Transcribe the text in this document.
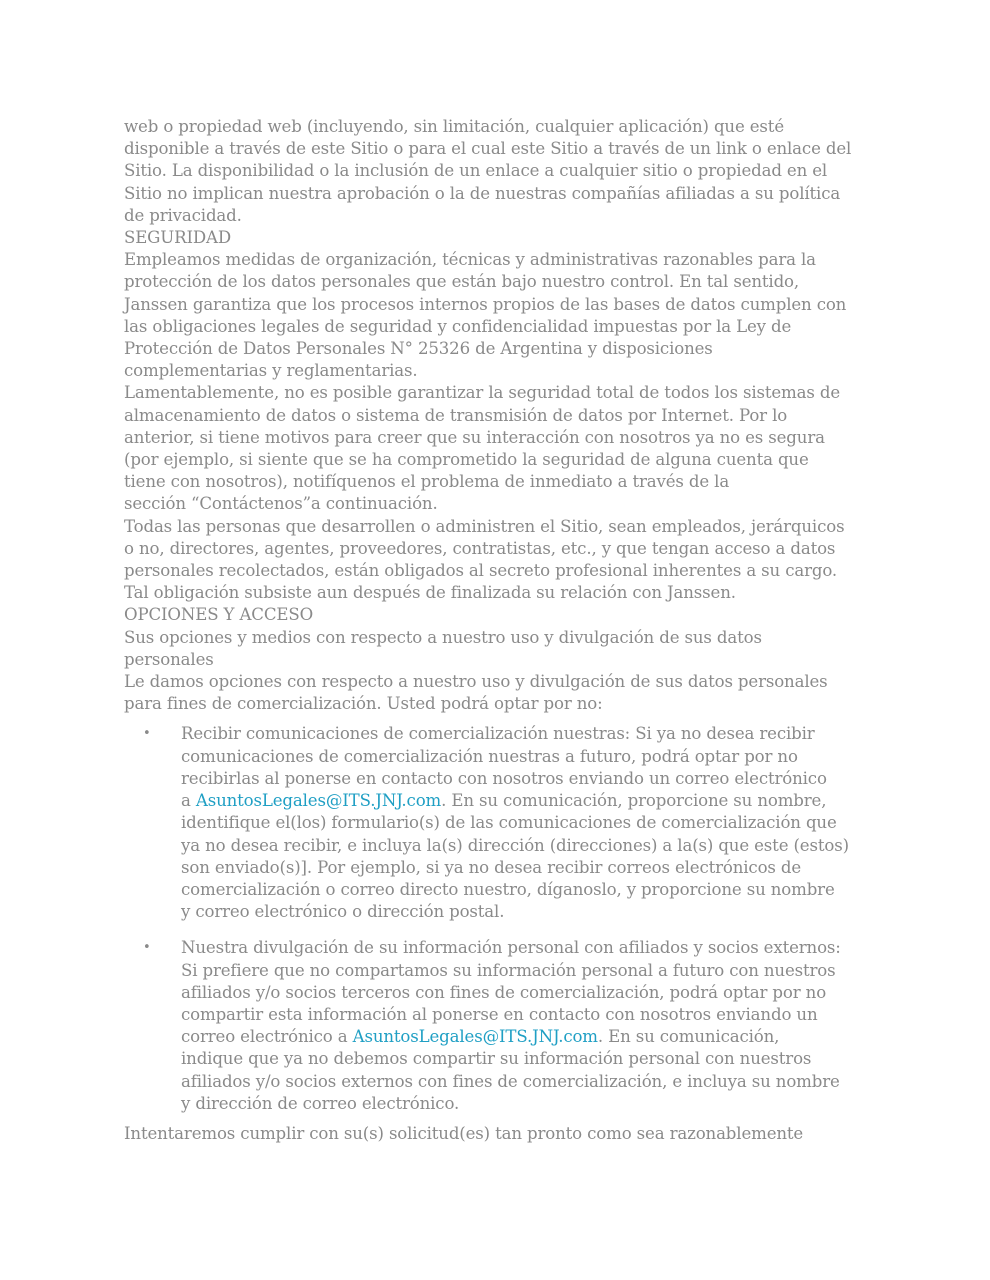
web o propiedad web (incluyendo, sin limitación, cualquier aplicación) que esté
disponible a través de este Sitio o para el cual este Sitio a través de un link o enlace del
Sitio. La disponibilidad o la inclusión de un enlace a cualquier sitio o propiedad en el
Sitio no implican nuestra aprobación o la de nuestras compañías afiliadas a su política
de privacidad.
SEGURIDAD
Empleamos medidas de organización, técnicas y administrativas razonables para la
protección de los datos personales que están bajo nuestro control. En tal sentido,
Janssen garantiza que los procesos internos propios de las bases de datos cumplen con
las obligaciones legales de seguridad y confidencialidad impuestas por la Ley de
Protección de Datos Personales N° 25326 de Argentina y disposiciones
complementarias y reglamentarias.
Lamentablemente, no es posible garantizar la seguridad total de todos los sistemas de
almacenamiento de datos o sistema de transmisión de datos por Internet. Por lo
anterior, si tiene motivos para creer que su interacción con nosotros ya no es segura
(por ejemplo, si siente que se ha comprometido la seguridad de alguna cuenta que
tiene con nosotros), notifíquenos el problema de inmediato a través de la
sección “Contáctenos”a continuación.
Todas las personas que desarrollen o administren el Sitio, sean empleados, jerárquicos
o no, directores, agentes, proveedores, contratistas, etc., y que tengan acceso a datos
personales recolectados, están obligados al secreto profesional inherentes a su cargo.
Tal obligación subsiste aun después de finalizada su relación con Janssen.
OPCIONES Y ACCESO
Sus opciones y medios con respecto a nuestro uso y divulgación de sus datos
personales
Le damos opciones con respecto a nuestro uso y divulgación de sus datos personales
para fines de comercialización. Usted podrá optar por no:
• Recibir comunicaciones de comercialización nuestras: Si ya no desea recibir
comunicaciones de comercialización nuestras a futuro, podrá optar por no
recibirlas al ponerse en contacto con nosotros enviando un correo electrónico
a AsuntosLegales@ITS.JNJ.com. En su comunicación, proporcione su nombre,
identifique el(los) formulario(s) de las comunicaciones de comercialización que
ya no desea recibir, e incluya la(s) dirección (direcciones) a la(s) que este (estos)
son enviado(s)]. Por ejemplo, si ya no desea recibir correos electrónicos de
comercialización o correo directo nuestro, díganoslo, y proporcione su nombre
y correo electrónico o dirección postal.
• Nuestra divulgación de su información personal con afiliados y socios externos:
Si prefiere que no compartamos su información personal a futuro con nuestros
afiliados y/o socios terceros con fines de comercialización, podrá optar por no
compartir esta información al ponerse en contacto con nosotros enviando un
correo electrónico a AsuntosLegales@ITS.JNJ.com. En su comunicación,
indique que ya no debemos compartir su información personal con nuestros
afiliados y/o socios externos con fines de comercialización, e incluya su nombre
y dirección de correo electrónico.
Intentaremos cumplir con su(s) solicitud(es) tan pronto como sea razonablemente
